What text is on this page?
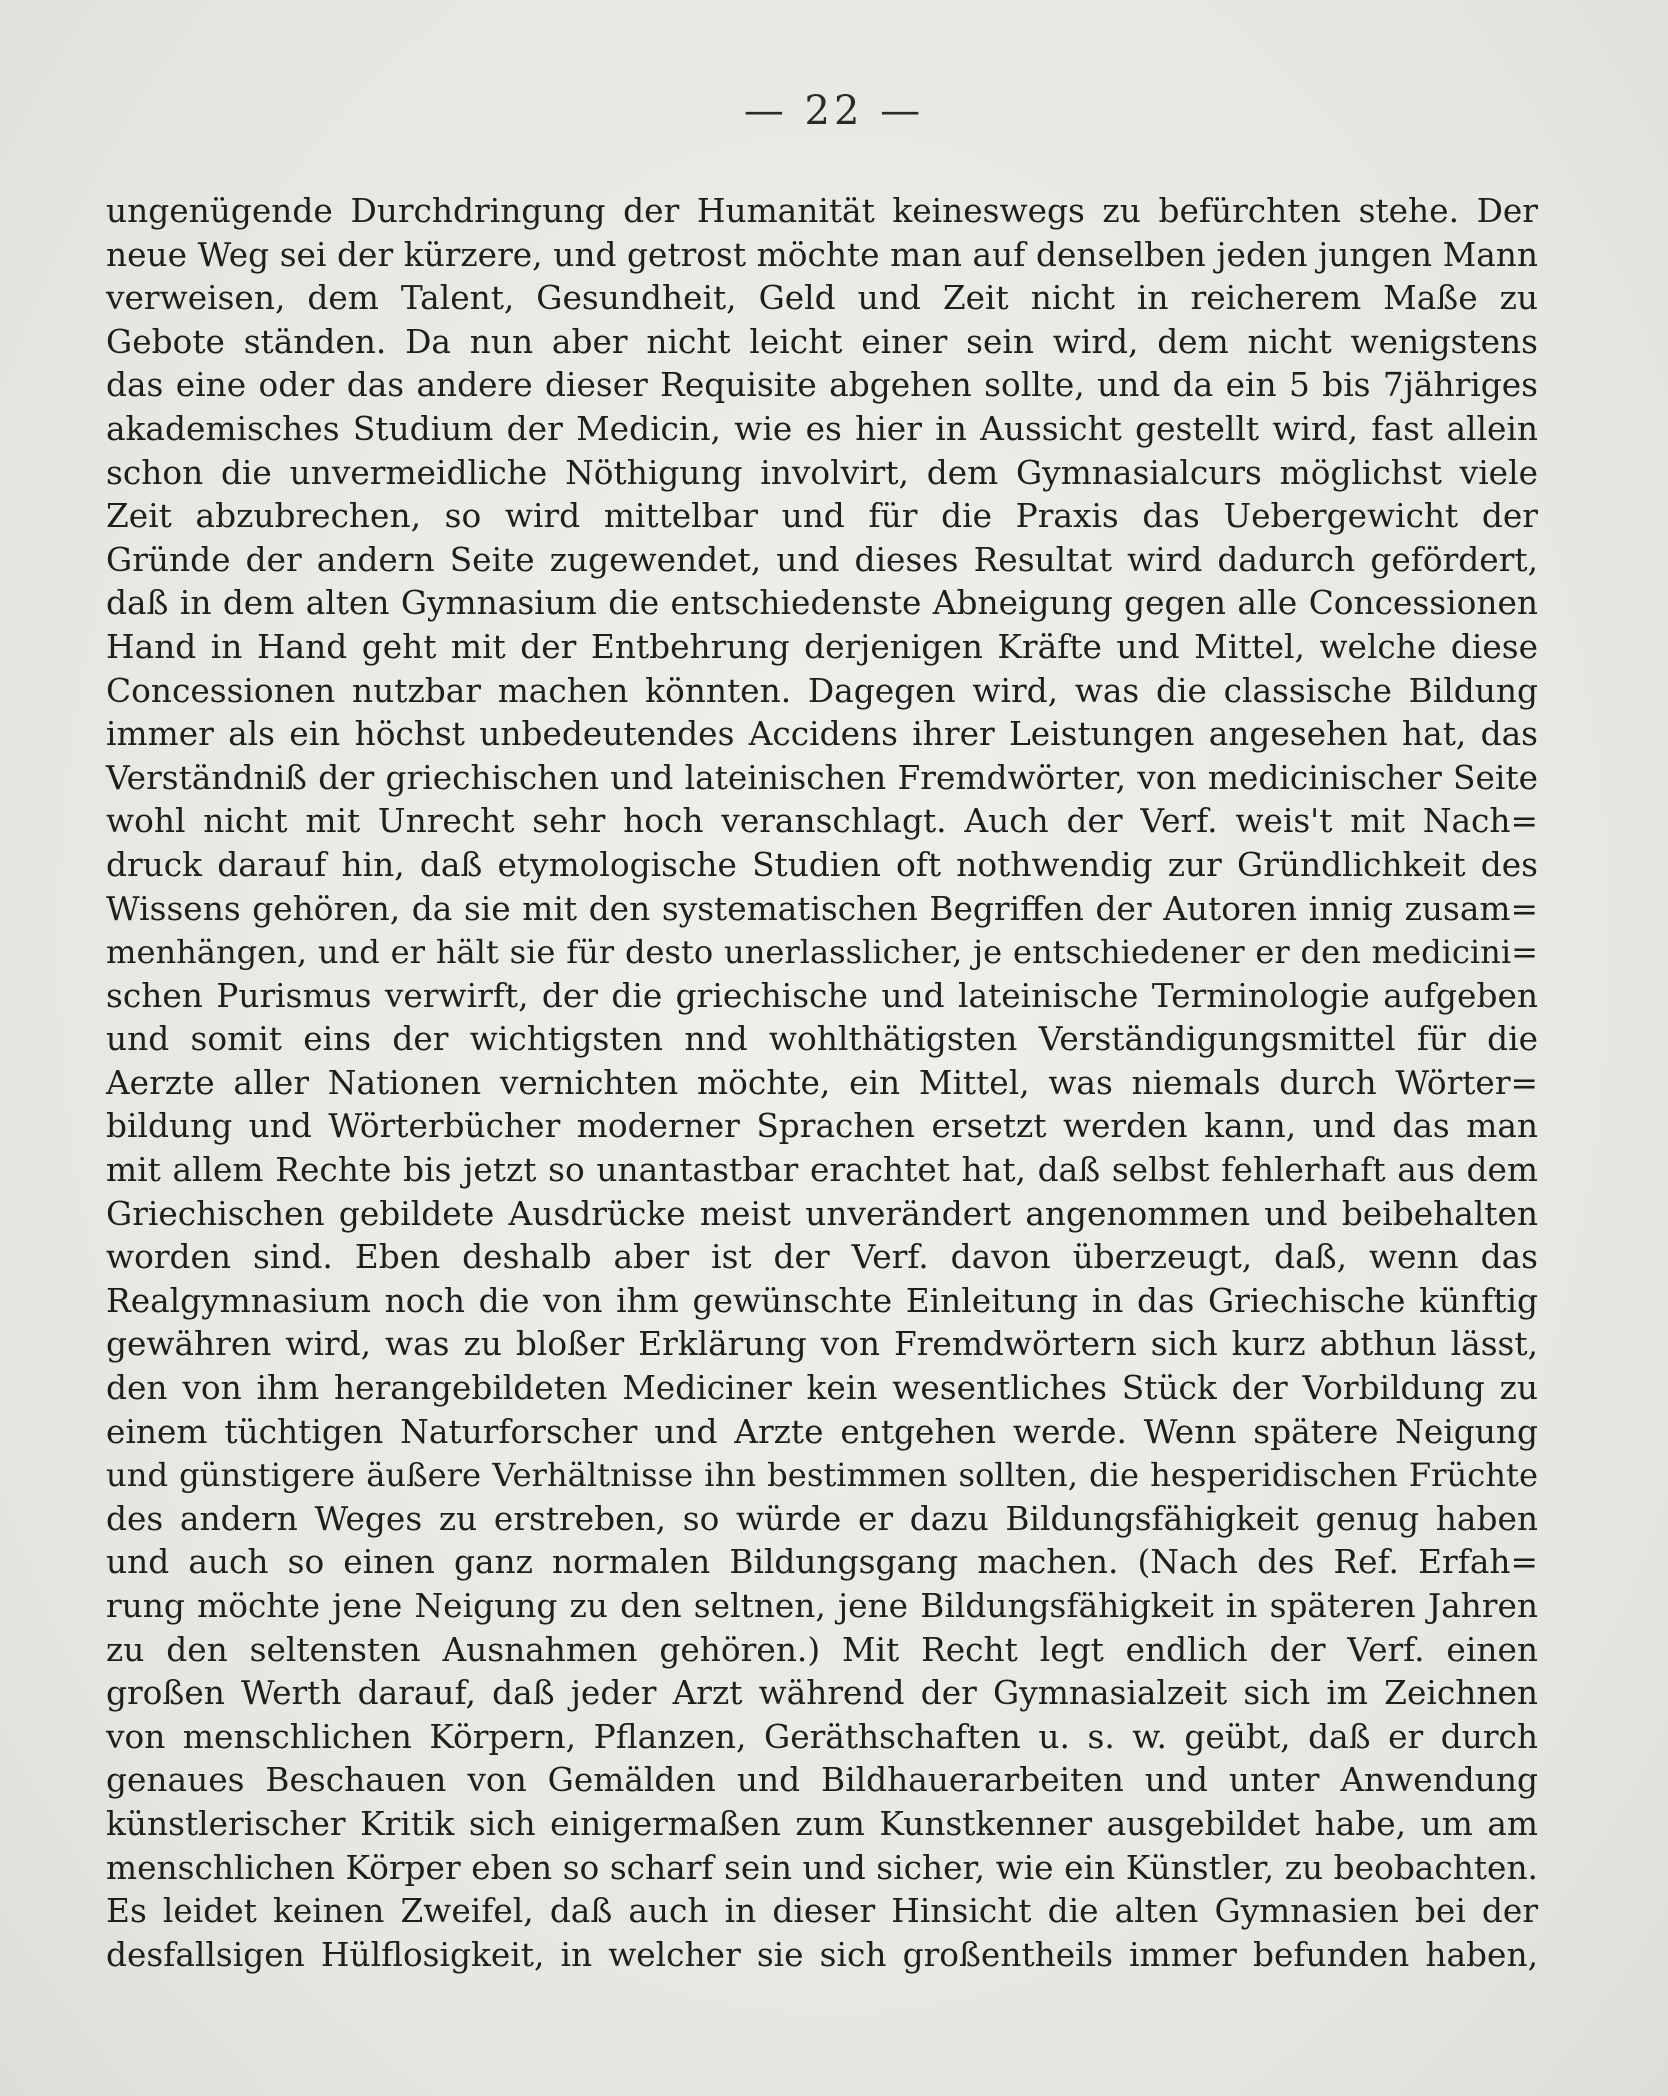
— 22 —
ungenügende Durchdringung der Humanität keineswegs zu befürchten stehe. Der
neue Weg sei der kürzere, und getrost möchte man auf denselben jeden jungen Mann
verweisen, dem Talent, Gesundheit, Geld und Zeit nicht in reicherem Maße zu
Gebote ständen. Da nun aber nicht leicht einer sein wird, dem nicht wenigstens
das eine oder das andere dieser Requisite abgehen sollte, und da ein 5 bis 7jähriges
akademisches Studium der Medicin, wie es hier in Aussicht gestellt wird, fast allein
schon die unvermeidliche Nöthigung involvirt, dem Gymnasialcurs möglichst viele
Zeit abzubrechen, so wird mittelbar und für die Praxis das Uebergewicht der
Gründe der andern Seite zugewendet, und dieses Resultat wird dadurch gefördert,
daß in dem alten Gymnasium die entschiedenste Abneigung gegen alle Concessionen
Hand in Hand geht mit der Entbehrung derjenigen Kräfte und Mittel, welche diese
Concessionen nutzbar machen könnten. Dagegen wird, was die classische Bildung
immer als ein höchst unbedeutendes Accidens ihrer Leistungen angesehen hat, das
Verständniß der griechischen und lateinischen Fremdwörter, von medicinischer Seite
wohl nicht mit Unrecht sehr hoch veranschlagt. Auch der Verf. weis't mit Nach=
druck darauf hin, daß etymologische Studien oft nothwendig zur Gründlichkeit des
Wissens gehören, da sie mit den systematischen Begriffen der Autoren innig zusam=
menhängen, und er hält sie für desto unerlasslicher, je entschiedener er den medicini=
schen Purismus verwirft, der die griechische und lateinische Terminologie aufgeben
und somit eins der wichtigsten nnd wohlthätigsten Verständigungsmittel für die
Aerzte aller Nationen vernichten möchte, ein Mittel, was niemals durch Wörter=
bildung und Wörterbücher moderner Sprachen ersetzt werden kann, und das man
mit allem Rechte bis jetzt so unantastbar erachtet hat, daß selbst fehlerhaft aus dem
Griechischen gebildete Ausdrücke meist unverändert angenommen und beibehalten
worden sind. Eben deshalb aber ist der Verf. davon überzeugt, daß, wenn das
Realgymnasium noch die von ihm gewünschte Einleitung in das Griechische künftig
gewähren wird, was zu bloßer Erklärung von Fremdwörtern sich kurz abthun lässt,
den von ihm herangebildeten Mediciner kein wesentliches Stück der Vorbildung zu
einem tüchtigen Naturforscher und Arzte entgehen werde. Wenn spätere Neigung
und günstigere äußere Verhältnisse ihn bestimmen sollten, die hesperidischen Früchte
des andern Weges zu erstreben, so würde er dazu Bildungsfähigkeit genug haben
und auch so einen ganz normalen Bildungsgang machen. (Nach des Ref. Erfah=
rung möchte jene Neigung zu den seltnen, jene Bildungsfähigkeit in späteren Jahren
zu den seltensten Ausnahmen gehören.) Mit Recht legt endlich der Verf. einen
großen Werth darauf, daß jeder Arzt während der Gymnasialzeit sich im Zeichnen
von menschlichen Körpern, Pflanzen, Geräthschaften u. s. w. geübt, daß er durch
genaues Beschauen von Gemälden und Bildhauerarbeiten und unter Anwendung
künstlerischer Kritik sich einigermaßen zum Kunstkenner ausgebildet habe, um am
menschlichen Körper eben so scharf sein und sicher, wie ein Künstler, zu beobachten.
Es leidet keinen Zweifel, daß auch in dieser Hinsicht die alten Gymnasien bei der
desfallsigen Hülflosigkeit, in welcher sie sich großentheils immer befunden haben,
